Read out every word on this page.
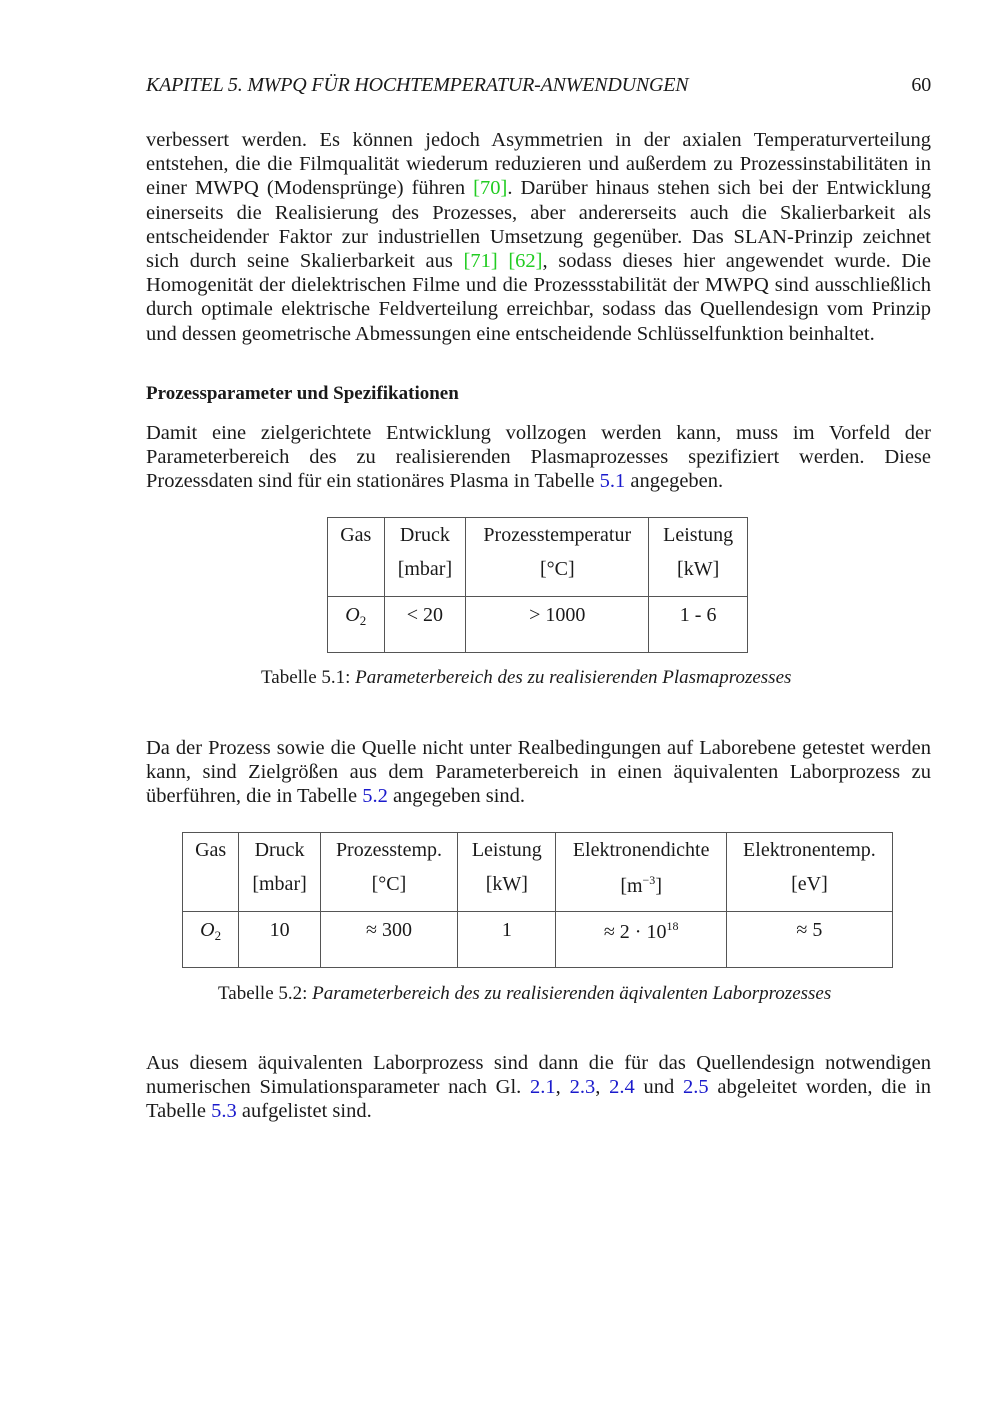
KAPITEL 5. MWPQ FÜR HOCHTEMPERATUR-ANWENDUNGEN	60

verbessert werden. Es können jedoch Asymmetrien in der axialen Temperaturverteilung entstehen, die die Filmqualität wiederum reduzieren und außerdem zu Prozessinstabilitäten in einer MWPQ (Modensprünge) führen [70]. Darüber hinaus stehen sich bei der Entwicklung einerseits die Realisierung des Prozesses, aber andererseits auch die Skalierbarkeit als entscheidender Faktor zur industriellen Umsetzung gegenüber. Das SLAN-Prinzip zeichnet sich durch seine Skalierbarkeit aus [71] [62], sodass dieses hier angewendet wurde. Die Homogenität der dielektrischen Filme und die Prozessstabilität der MWPQ sind ausschließlich durch optimale elektrische Feldverteilung erreichbar, sodass das Quellendesign vom Prinzip und dessen geometrische Abmessungen eine entscheidende Schlüsselfunktion beinhaltet.

Prozessparameter und Spezifikationen

Damit eine zielgerichtete Entwicklung vollzogen werden kann, muss im Vorfeld der Parameterbereich des zu realisierenden Plasmaprozesses spezifiziert werden. Diese Prozessdaten sind für ein stationäres Plasma in Tabelle 5.1 angegeben.

Da der Prozess sowie die Quelle nicht unter Realbedingungen auf Laborebene getestet werden kann, sind Zielgrößen aus dem Parameterbereich in einen äquivalenten Laborprozess zu überführen, die in Tabelle 5.2 angegeben sind.

Aus diesem äquivalenten Laborprozess sind dann die für das Quellendesign notwendigen numerischen Simulationsparameter nach Gl. 2.1, 2.3, 2.4 und 2.5 abgeleitet worden, die in Tabelle 5.3 aufgelistet sind.

Gas	Druck	Prozesstemperatur	Leistung
	[mbar]	[°C]	[kW]
$O_2$	< 20	> 1000	1 - 6
Tabelle 5.1: Parameterbereich des zu realisierenden Plasmaprozesses
Gas	Druck	Prozesstemp.	Leistung	Elektronendichte	Elektronentemp.
	[mbar]	[°C]	[kW]	$[m^{-3}]$	[eV]
$O_2$	10	≈ 300	1	≈ $2 \cdot 10^{18}$	≈ 5
Tabelle 5.2: Parameterbereich des zu realisierenden äqivalenten Laborprozesses
